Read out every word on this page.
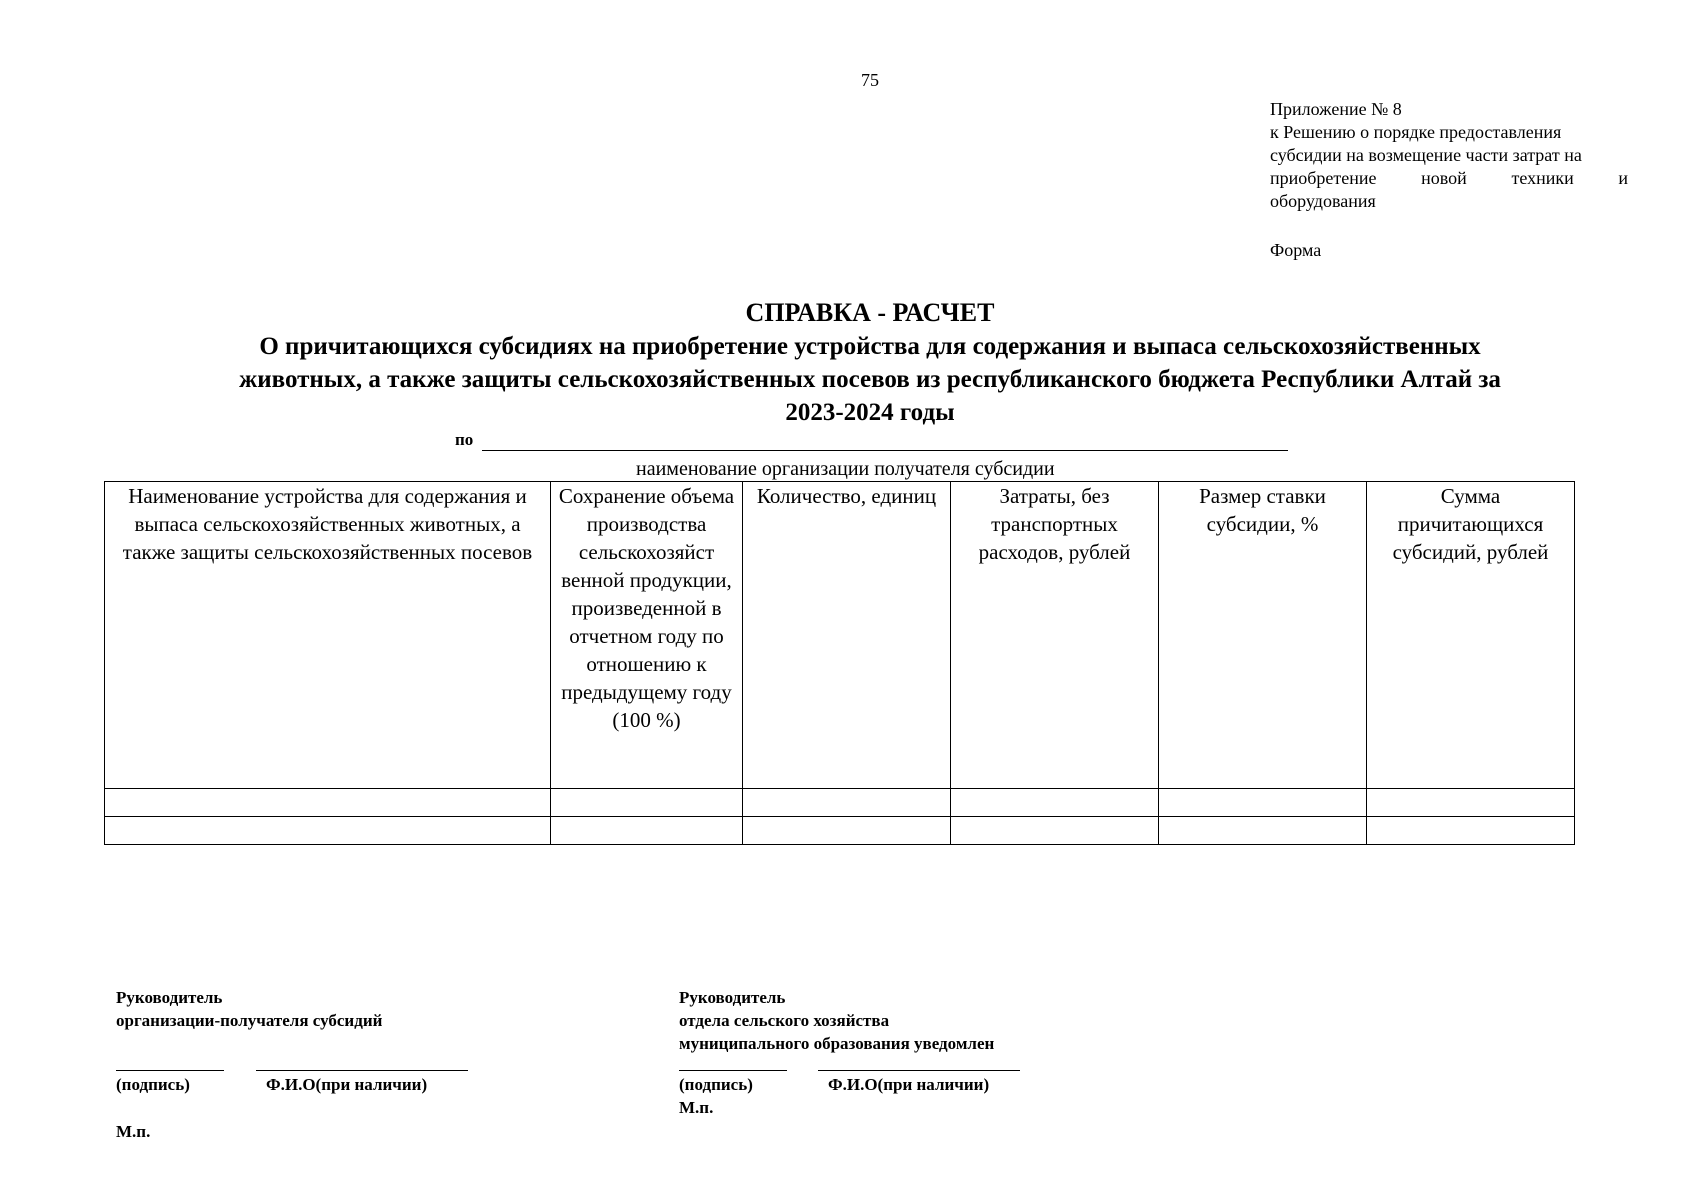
75
Приложение № 8
к Решению о порядке предоставления
субсидии на возмещение части затрат на
приобретение новой техники и
оборудования
Форма
СПРАВКА - РАСЧЕТ
О причитающихся субсидиях на приобретение устройства для содержания и выпаса сельскохозяйственных
животных, а также защиты сельскохозяйственных посевов из республиканского бюджета Республики Алтай за
2023-2024 годы
по
наименование организации получателя субсидии
Наименование устройства для содержания и выпаса сельскохозяйственных животных, а также защиты сельскохозяйственных посевов	Сохранение объема производства сельскохозяйст венной продукции, произведенной в отчетном году по отношению к предыдущему году (100 %)	Количество, единиц	Затраты, без транспортных расходов, рублей	Размер ставки субсидии, %	Сумма причитающихся субсидий, рублей

Руководитель
организации-получателя субсидий
(подпись)	Ф.И.О(при наличии)
М.п.
Руководитель
отдела сельского хозяйства
муниципального образования уведомлен
(подпись)	Ф.И.О(при наличии)
М.п.
